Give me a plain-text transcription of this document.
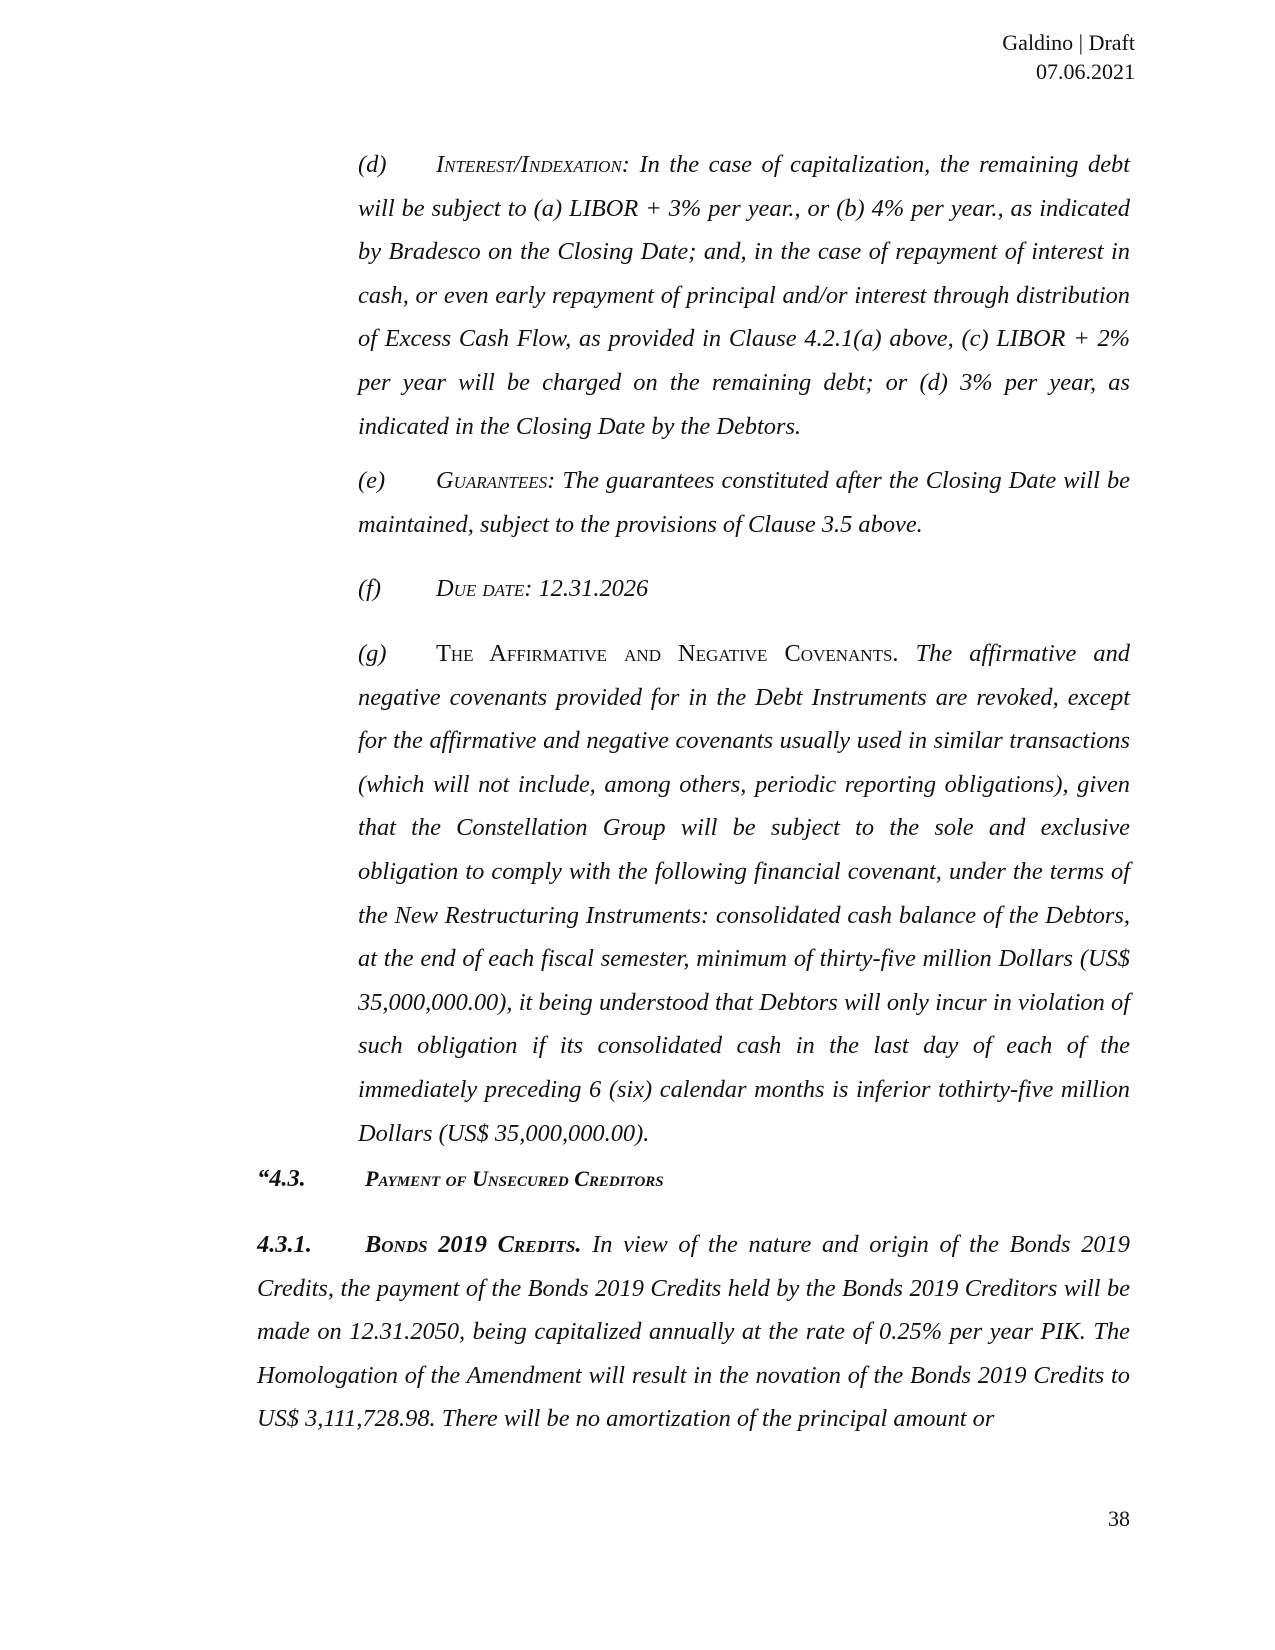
Galdino | Draft
07.06.2021

(d) Interest/Indexation: In the case of capitalization, the remaining debt will be subject to (a) LIBOR + 3% per year., or (b) 4% per year., as indicated by Bradesco on the Closing Date; and, in the case of repayment of interest in cash, or even early repayment of principal and/or interest through distribution of Excess Cash Flow, as provided in Clause 4.2.1(a) above, (c) LIBOR + 2% per year will be charged on the remaining debt; or (d) 3% per year, as indicated in the Closing Date by the Debtors.

(e) Guarantees: The guarantees constituted after the Closing Date will be maintained, subject to the provisions of Clause 3.5 above.

(f) Due date: 12.31.2026

(g) The Affirmative and Negative Covenants. The affirmative and negative covenants provided for in the Debt Instruments are revoked, except for the affirmative and negative covenants usually used in similar transactions (which will not include, among others, periodic reporting obligations), given that the Constellation Group will be subject to the sole and exclusive obligation to comply with the following financial covenant, under the terms of the New Restructuring Instruments: consolidated cash balance of the Debtors, at the end of each fiscal semester, minimum of thirty-five million Dollars (US$ 35,000,000.00), it being understood that Debtors will only incur in violation of such obligation if its consolidated cash in the last day of each of the immediately preceding 6 (six) calendar months is inferior tothirty-five million Dollars (US$ 35,000,000.00).

“4.3.	Payment of Unsecured Creditors

4.3.1. Bonds 2019 Credits. In view of the nature and origin of the Bonds 2019 Credits, the payment of the Bonds 2019 Credits held by the Bonds 2019 Creditors will be made on 12.31.2050, being capitalized annually at the rate of 0.25% per year PIK. The Homologation of the Amendment will result in the novation of the Bonds 2019 Credits to US$ 3,111,728.98. There will be no amortization of the principal amount or

38
